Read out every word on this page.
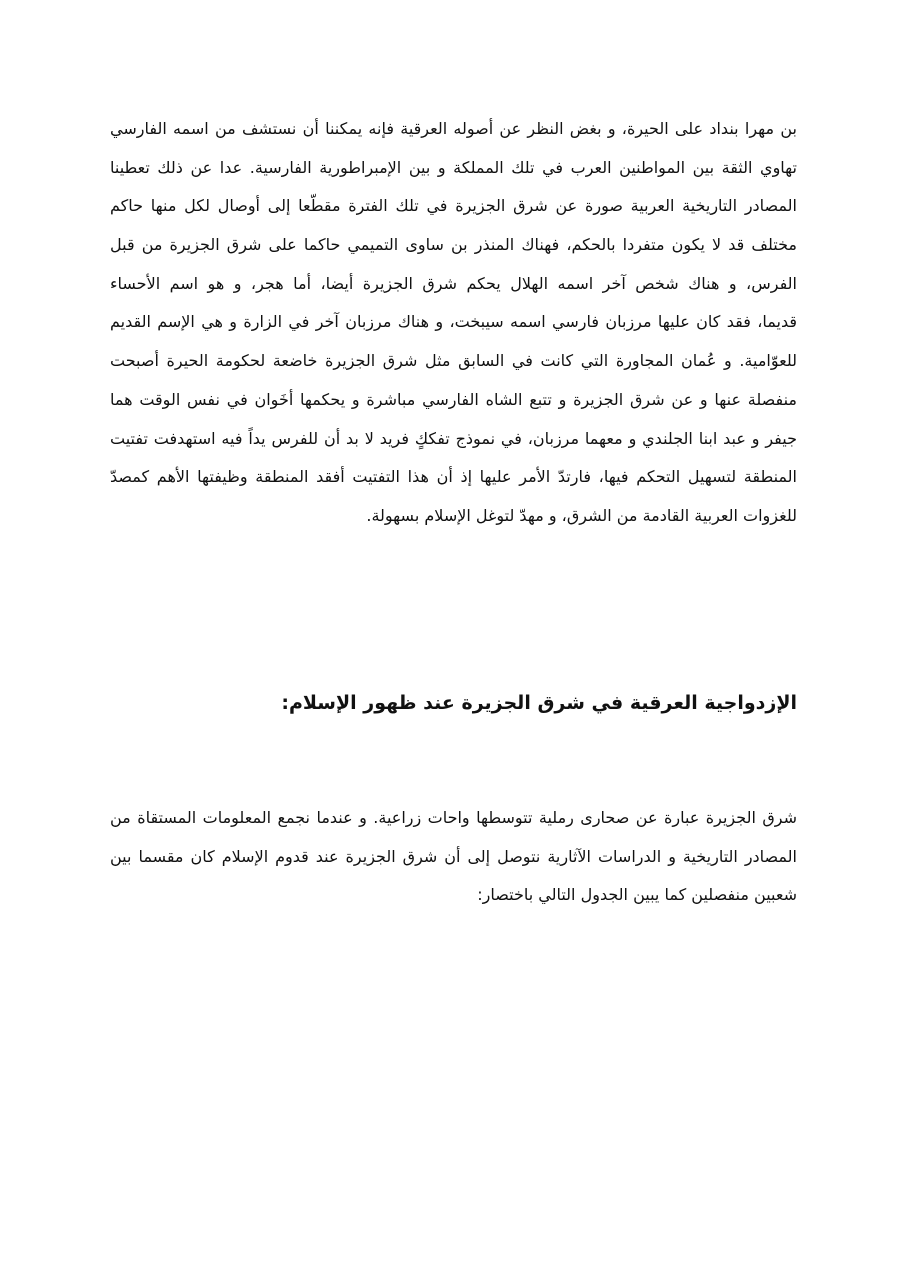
بن مهرا بنداد على الحيرة، و بغض النظر عن أصوله العرقية فإنه يمكننا أن نستشف من اسمه الفارسي
تهاوي الثقة بين المواطنين العرب في تلك المملكة و بين الإمبراطورية الفارسية. عدا عن ذلك تعطينا
المصادر التاريخية العربية صورة عن شرق الجزيرة في تلك الفترة مقطّعا إلى أوصال لكل منها حاكم
مختلف قد لا يكون متفردا بالحكم، فهناك المنذر بن ساوى التميمي حاكما على شرق الجزيرة من قبل
الفرس، و هناك شخص آخر اسمه الهلال يحكم شرق الجزيرة أيضا، أما هجر، و هو اسم الأحساء
قديما، فقد كان عليها مرزبان فارسي اسمه سيبخت، و هناك مرزبان آخر في الزارة و هي الإسم القديم
للعوّامية. و عُمان المجاورة التي كانت في السابق مثل شرق الجزيرة خاضعة لحكومة الحيرة أصبحت
منفصلة عنها و عن شرق الجزيرة و تتبع الشاه الفارسي مباشرة و يحكمها أخَوان في نفس الوقت هما
جيفر و عبد ابنا الجلندي و معهما مرزبان، في نموذج تفككٍ فريد لا بد أن للفرس يداً فيه استهدفت تفتيت
المنطقة لتسهيل التحكم فيها، فارتدّ الأمر عليها إذ أن هذا التفتيت أفقد المنطقة وظيفتها الأهم كمصدّ
للغزوات العربية القادمة من الشرق، و مهدّ لتوغل الإسلام بسهولة.
الإزدواجية العرقية في شرق الجزيرة عند ظهور الإسلام:
شرق الجزيرة عبارة عن صحارى رملية تتوسطها واحات زراعية. و عندما نجمع المعلومات المستقاة من
المصادر التاريخية و الدراسات الآثارية نتوصل إلى أن شرق الجزيرة عند قدوم الإسلام كان مقسما بين
شعبين منفصلين كما يبين الجدول التالي باختصار:
